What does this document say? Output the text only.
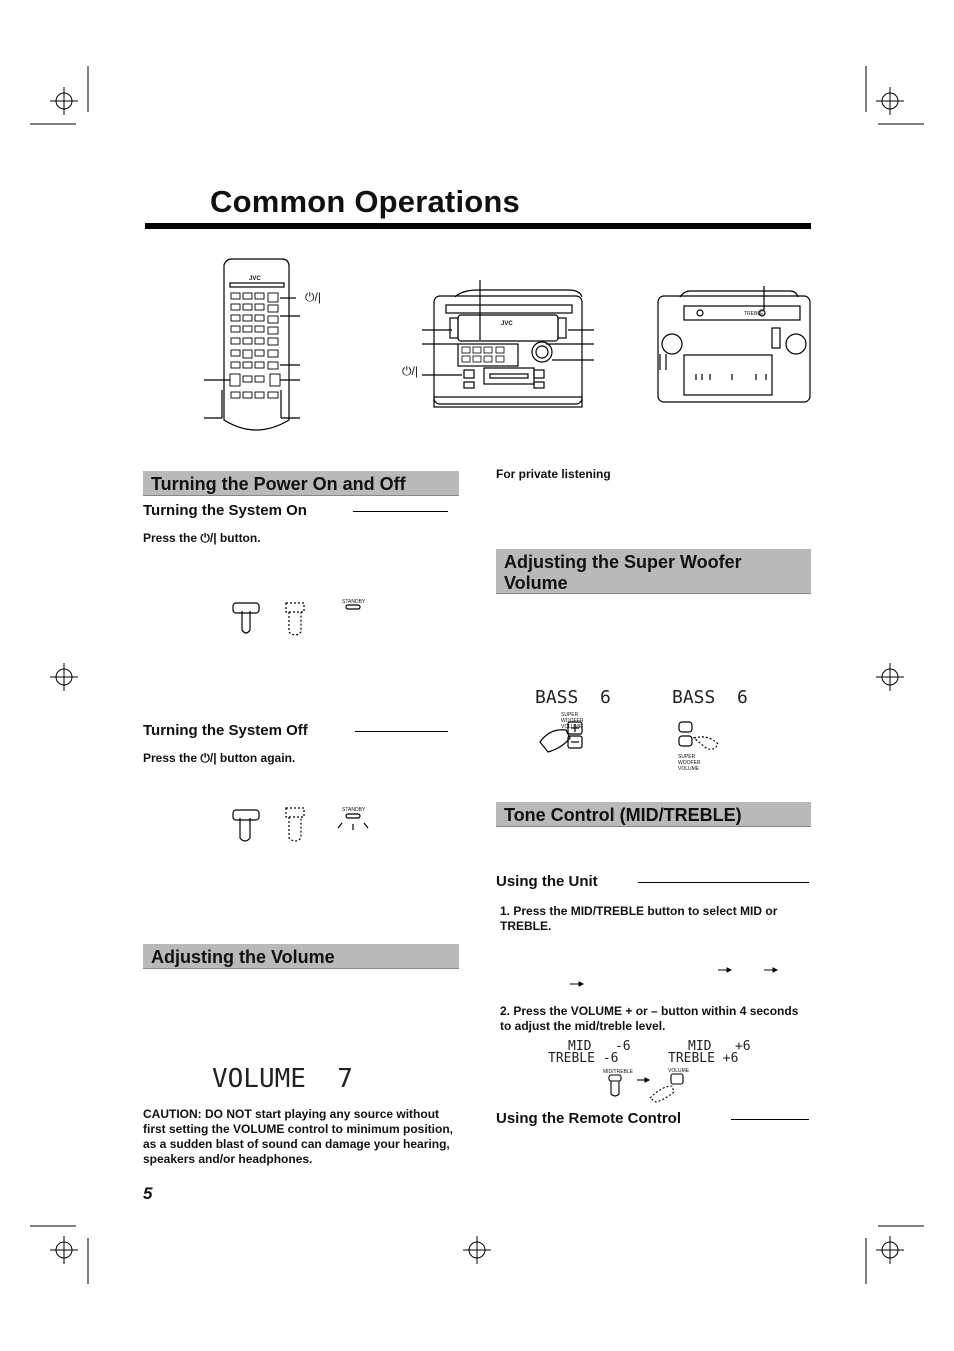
Common Operations
JVC
⏻/|
JVC
⏻/|
TREBLE
Turning the Power On and Off
Turning the System On
Press the ⏻/| button.
STANDBY
Turning the System Off
Press the ⏻/| button again.
STANDBY
Adjusting the Volume
VOLUME  7
CAUTION: DO NOT start playing any source without first setting the VOLUME control to minimum position, as a sudden blast of sound can damage your hearing, speakers and/or headphones.
5
For private listening
Adjusting the Super Woofer Volume
BASS  6	BASS  6
SUPER WOOFER VOLUME
SUPER WOOFER VOLUME
Tone Control (MID/TREBLE)
Using the Unit
1. Press the MID/TREBLE button to select MID or TREBLE.
2. Press the VOLUME + or – button within 4 seconds to adjust the mid/treble level.
MID   -6
TREBLE -6
MID   +6
TREBLE +6
MID/TREBLE	VOLUME
Using the Remote Control
